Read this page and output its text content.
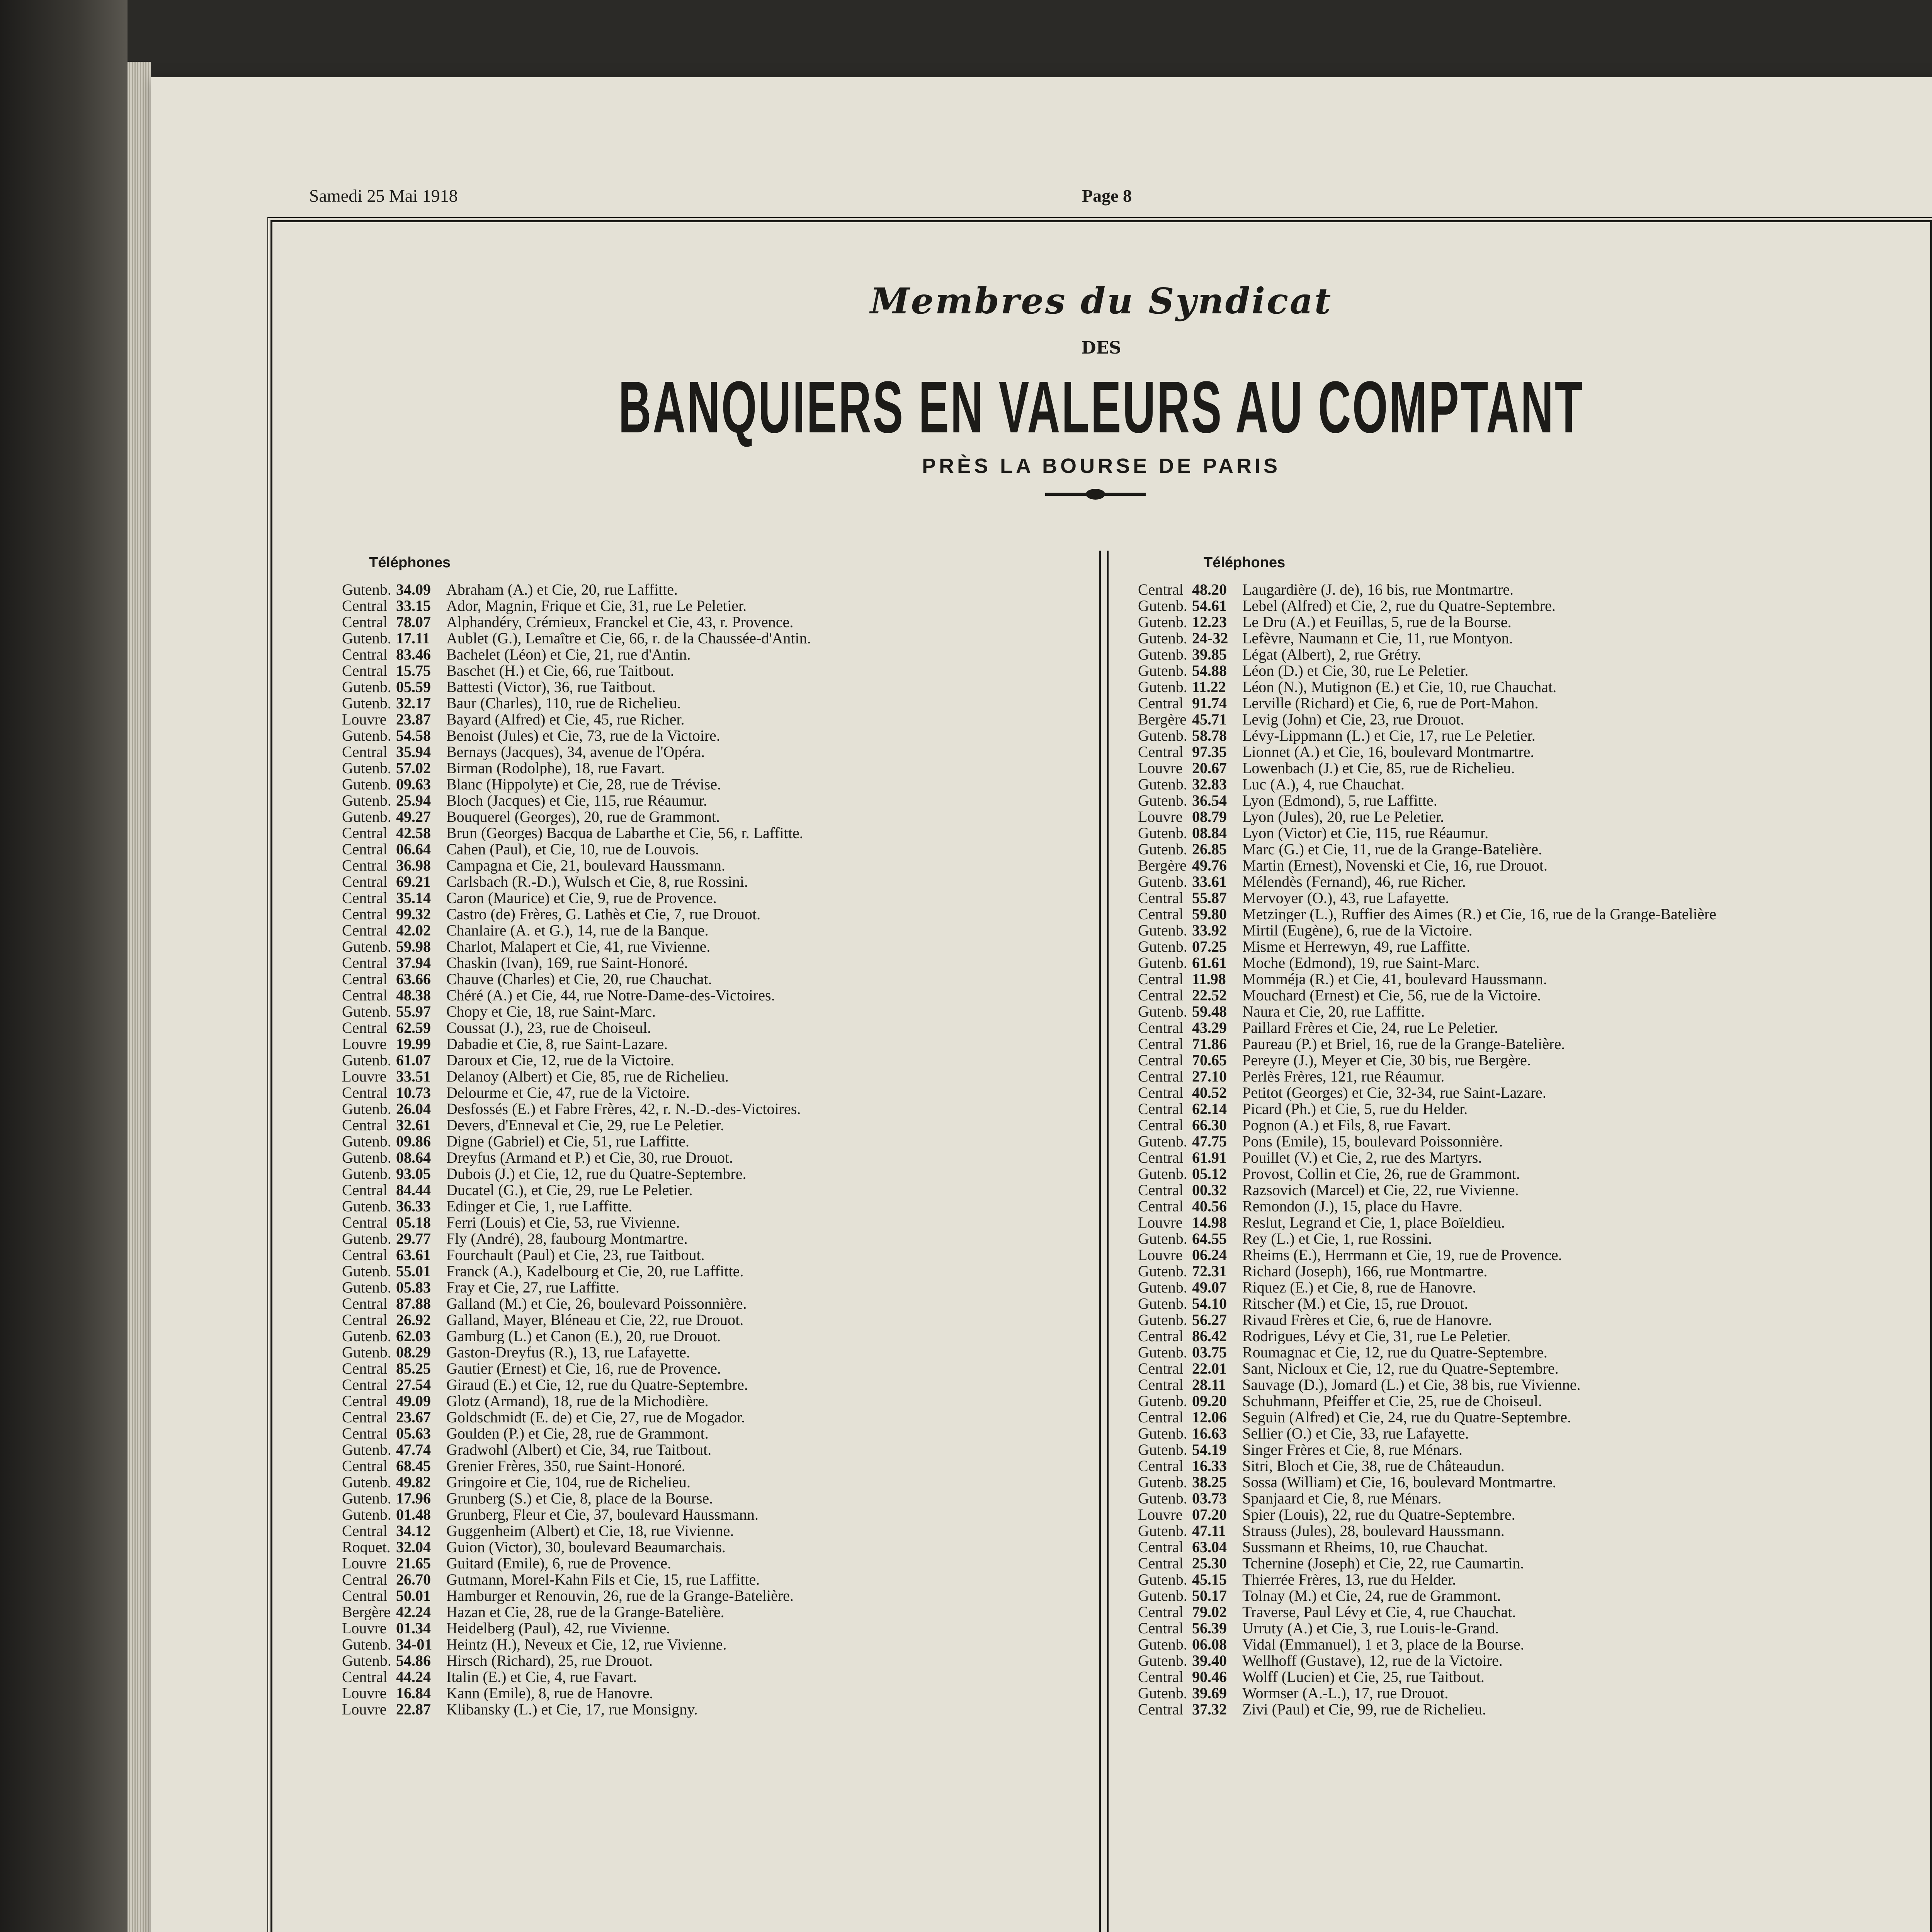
Samedi 25 Mai 1918	Page 8
Membres du Syndicat
DES
BANQUIERS EN VALEURS AU COMPTANT
PRÈS LA BOURSE DE PARIS
Téléphones	Téléphones
Gutenb. 34.09 Abraham (A.) et Cie, 20, rue Laffitte.
Central 33.15 Ador, Magnin, Frique et Cie, 31, rue Le Peletier.
Central 78.07 Alphandéry, Crémieux, Franckel et Cie, 43, r. Provence.
Gutenb. 17.11 Aublet (G.), Lemaître et Cie, 66, r. de la Chaussée-d'Antin.
Central 83.46 Bachelet (Léon) et Cie, 21, rue d'Antin.
Central 15.75 Baschet (H.) et Cie, 66, rue Taitbout.
Gutenb. 05.59 Battesti (Victor), 36, rue Taitbout.
Gutenb. 32.17 Baur (Charles), 110, rue de Richelieu.
Louvre 23.87 Bayard (Alfred) et Cie, 45, rue Richer.
Gutenb. 54.58 Benoist (Jules) et Cie, 73, rue de la Victoire.
Central 35.94 Bernays (Jacques), 34, avenue de l'Opéra.
Gutenb. 57.02 Birman (Rodolphe), 18, rue Favart.
Gutenb. 09.63 Blanc (Hippolyte) et Cie, 28, rue de Trévise.
Gutenb. 25.94 Bloch (Jacques) et Cie, 115, rue Réaumur.
Gutenb. 49.27 Bouquerel (Georges), 20, rue de Grammont.
Central 42.58 Brun (Georges) Bacqua de Labarthe et Cie, 56, r. Laffitte.
Central 06.64 Cahen (Paul), et Cie, 10, rue de Louvois.
Central 36.98 Campagna et Cie, 21, boulevard Haussmann.
Central 69.21 Carlsbach (R.-D.), Wulsch et Cie, 8, rue Rossini.
Central 35.14 Caron (Maurice) et Cie, 9, rue de Provence.
Central 99.32 Castro (de) Frères, G. Lathès et Cie, 7, rue Drouot.
Central 42.02 Chanlaire (A. et G.), 14, rue de la Banque.
Gutenb. 59.98 Charlot, Malapert et Cie, 41, rue Vivienne.
Central 37.94 Chaskin (Ivan), 169, rue Saint-Honoré.
Central 63.66 Chauve (Charles) et Cie, 20, rue Chauchat.
Central 48.38 Chéré (A.) et Cie, 44, rue Notre-Dame-des-Victoires.
Gutenb. 55.97 Chopy et Cie, 18, rue Saint-Marc.
Central 62.59 Coussat (J.), 23, rue de Choiseul.
Louvre 19.99 Dabadie et Cie, 8, rue Saint-Lazare.
Gutenb. 61.07 Daroux et Cie, 12, rue de la Victoire.
Louvre 33.51 Delanoy (Albert) et Cie, 85, rue de Richelieu.
Central 10.73 Delourme et Cie, 47, rue de la Victoire.
Gutenb. 26.04 Desfossés (E.) et Fabre Frères, 42, r. N.-D.-des-Victoires.
Central 32.61 Devers, d'Enneval et Cie, 29, rue Le Peletier.
Gutenb. 09.86 Digne (Gabriel) et Cie, 51, rue Laffitte.
Gutenb. 08.64 Dreyfus (Armand et P.) et Cie, 30, rue Drouot.
Gutenb. 93.05 Dubois (J.) et Cie, 12, rue du Quatre-Septembre.
Central 84.44 Ducatel (G.), et Cie, 29, rue Le Peletier.
Gutenb. 36.33 Edinger et Cie, 1, rue Laffitte.
Central 05.18 Ferri (Louis) et Cie, 53, rue Vivienne.
Gutenb. 29.77 Fly (André), 28, faubourg Montmartre.
Central 63.61 Fourchault (Paul) et Cie, 23, rue Taitbout.
Gutenb. 55.01 Franck (A.), Kadelbourg et Cie, 20, rue Laffitte.
Gutenb. 05.83 Fray et Cie, 27, rue Laffitte.
Central 87.88 Galland (M.) et Cie, 26, boulevard Poissonnière.
Central 26.92 Galland, Mayer, Bléneau et Cie, 22, rue Drouot.
Gutenb. 62.03 Gamburg (L.) et Canon (E.), 20, rue Drouot.
Gutenb. 08.29 Gaston-Dreyfus (R.), 13, rue Lafayette.
Central 85.25 Gautier (Ernest) et Cie, 16, rue de Provence.
Central 27.54 Giraud (E.) et Cie, 12, rue du Quatre-Septembre.
Central 49.09 Glotz (Armand), 18, rue de la Michodière.
Central 23.67 Goldschmidt (E. de) et Cie, 27, rue de Mogador.
Central 05.63 Goulden (P.) et Cie, 28, rue de Grammont.
Gutenb. 47.74 Gradwohl (Albert) et Cie, 34, rue Taitbout.
Central 68.45 Grenier Frères, 350, rue Saint-Honoré.
Gutenb. 49.82 Gringoire et Cie, 104, rue de Richelieu.
Gutenb. 17.96 Grunberg (S.) et Cie, 8, place de la Bourse.
Gutenb. 01.48 Grunberg, Fleur et Cie, 37, boulevard Haussmann.
Central 34.12 Guggenheim (Albert) et Cie, 18, rue Vivienne.
Roquet. 32.04 Guion (Victor), 30, boulevard Beaumarchais.
Louvre 21.65 Guitard (Emile), 6, rue de Provence.
Central 26.70 Gutmann, Morel-Kahn Fils et Cie, 15, rue Laffitte.
Central 50.01 Hamburger et Renouvin, 26, rue de la Grange-Batelière.
Bergère 42.24 Hazan et Cie, 28, rue de la Grange-Batelière.
Louvre 01.34 Heidelberg (Paul), 42, rue Vivienne.
Gutenb. 34-01 Heintz (H.), Neveux et Cie, 12, rue Vivienne.
Gutenb. 54.86 Hirsch (Richard), 25, rue Drouot.
Central 44.24 Italin (E.) et Cie, 4, rue Favart.
Louvre 16.84 Kann (Emile), 8, rue de Hanovre.
Louvre 22.87 Klibansky (L.) et Cie, 17, rue Monsigny.
Central 48.20 Laugardière (J. de), 16 bis, rue Montmartre.
Gutenb. 54.61 Lebel (Alfred) et Cie, 2, rue du Quatre-Septembre.
Gutenb. 12.23 Le Dru (A.) et Feuillas, 5, rue de la Bourse.
Gutenb. 24-32 Lefèvre, Naumann et Cie, 11, rue Montyon.
Gutenb. 39.85 Légat (Albert), 2, rue Grétry.
Gutenb. 54.88 Léon (D.) et Cie, 30, rue Le Peletier.
Gutenb. 11.22 Léon (N.), Mutignon (E.) et Cie, 10, rue Chauchat.
Central 91.74 Lerville (Richard) et Cie, 6, rue de Port-Mahon.
Bergère 45.71 Levig (John) et Cie, 23, rue Drouot.
Gutenb. 58.78 Lévy-Lippmann (L.) et Cie, 17, rue Le Peletier.
Central 97.35 Lionnet (A.) et Cie, 16, boulevard Montmartre.
Louvre 20.67 Lowenbach (J.) et Cie, 85, rue de Richelieu.
Gutenb. 32.83 Luc (A.), 4, rue Chauchat.
Gutenb. 36.54 Lyon (Edmond), 5, rue Laffitte.
Louvre 08.79 Lyon (Jules), 20, rue Le Peletier.
Gutenb. 08.84 Lyon (Victor) et Cie, 115, rue Réaumur.
Gutenb. 26.85 Marc (G.) et Cie, 11, rue de la Grange-Batelière.
Bergère 49.76 Martin (Ernest), Novenski et Cie, 16, rue Drouot.
Gutenb. 33.61 Mélendès (Fernand), 46, rue Richer.
Central 55.87 Mervoyer (O.), 43, rue Lafayette.
Central 59.80 Metzinger (L.), Ruffier des Aimes (R.) et Cie, 16, rue de la Grange-Batelière
Gutenb. 33.92 Mirtil (Eugène), 6, rue de la Victoire.
Gutenb. 07.25 Misme et Herrewyn, 49, rue Laffitte.
Gutenb. 61.61 Moche (Edmond), 19, rue Saint-Marc.
Central 11.98 Momméja (R.) et Cie, 41, boulevard Haussmann.
Central 22.52 Mouchard (Ernest) et Cie, 56, rue de la Victoire.
Gutenb. 59.48 Naura et Cie, 20, rue Laffitte.
Central 43.29 Paillard Frères et Cie, 24, rue Le Peletier.
Central 71.86 Paureau (P.) et Briel, 16, rue de la Grange-Batelière.
Central 70.65 Pereyre (J.), Meyer et Cie, 30 bis, rue Bergère.
Central 27.10 Perlès Frères, 121, rue Réaumur.
Central 40.52 Petitot (Georges) et Cie, 32-34, rue Saint-Lazare.
Central 62.14 Picard (Ph.) et Cie, 5, rue du Helder.
Central 66.30 Pognon (A.) et Fils, 8, rue Favart.
Gutenb. 47.75 Pons (Emile), 15, boulevard Poissonnière.
Central 61.91 Pouillet (V.) et Cie, 2, rue des Martyrs.
Gutenb. 05.12 Provost, Collin et Cie, 26, rue de Grammont.
Central 00.32 Razsovich (Marcel) et Cie, 22, rue Vivienne.
Central 40.56 Remondon (J.), 15, place du Havre.
Louvre 14.98 Reslut, Legrand et Cie, 1, place Boïeldieu.
Gutenb. 64.55 Rey (L.) et Cie, 1, rue Rossini.
Louvre 06.24 Rheims (E.), Herrmann et Cie, 19, rue de Provence.
Gutenb. 72.31 Richard (Joseph), 166, rue Montmartre.
Gutenb. 49.07 Riquez (E.) et Cie, 8, rue de Hanovre.
Gutenb. 54.10 Ritscher (M.) et Cie, 15, rue Drouot.
Gutenb. 56.27 Rivaud Frères et Cie, 6, rue de Hanovre.
Central 86.42 Rodrigues, Lévy et Cie, 31, rue Le Peletier.
Gutenb. 03.75 Roumagnac et Cie, 12, rue du Quatre-Septembre.
Central 22.01 Sant, Nicloux et Cie, 12, rue du Quatre-Septembre.
Central 28.11 Sauvage (D.), Jomard (L.) et Cie, 38 bis, rue Vivienne.
Gutenb. 09.20 Schuhmann, Pfeiffer et Cie, 25, rue de Choiseul.
Central 12.06 Seguin (Alfred) et Cie, 24, rue du Quatre-Septembre.
Gutenb. 16.63 Sellier (O.) et Cie, 33, rue Lafayette.
Gutenb. 54.19 Singer Frères et Cie, 8, rue Ménars.
Central 16.33 Sitri, Bloch et Cie, 38, rue de Châteaudun.
Gutenb. 38.25 Sossa (William) et Cie, 16, boulevard Montmartre.
Gutenb. 03.73 Spanjaard et Cie, 8, rue Ménars.
Louvre 07.20 Spier (Louis), 22, rue du Quatre-Septembre.
Gutenb. 47.11 Strauss (Jules), 28, boulevard Haussmann.
Central 63.04 Sussmann et Rheims, 10, rue Chauchat.
Central 25.30 Tchernine (Joseph) et Cie, 22, rue Caumartin.
Gutenb. 45.15 Thierrée Frères, 13, rue du Helder.
Gutenb. 50.17 Tolnay (M.) et Cie, 24, rue de Grammont.
Central 79.02 Traverse, Paul Lévy et Cie, 4, rue Chauchat.
Central 56.39 Urruty (A.) et Cie, 3, rue Louis-le-Grand.
Gutenb. 06.08 Vidal (Emmanuel), 1 et 3, place de la Bourse.
Gutenb. 39.40 Wellhoff (Gustave), 12, rue de la Victoire.
Central 90.46 Wolff (Lucien) et Cie, 25, rue Taitbout.
Gutenb. 39.69 Wormser (A.-L.), 17, rue Drouot.
Central 37.32 Zivi (Paul) et Cie, 99, rue de Richelieu.
